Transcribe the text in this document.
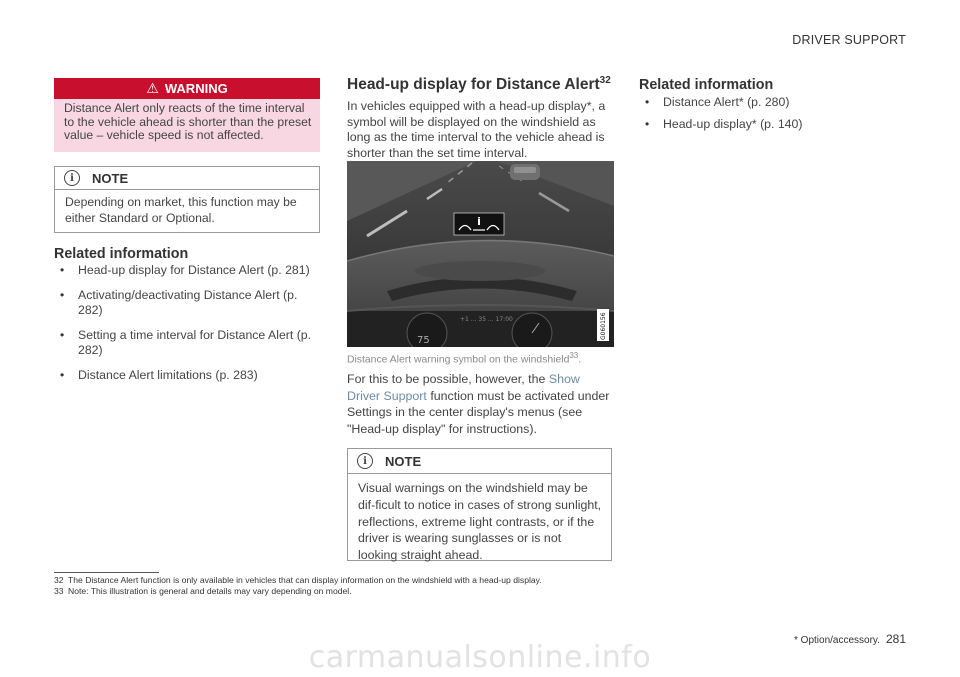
DRIVER SUPPORT
⚠ WARNING
Distance Alert only reacts of the time interval to the vehicle ahead is shorter than the preset value – vehicle speed is not affected.
i	NOTE
Depending on market, this function may be either Standard or Optional.
Related information
• Head-up display for Distance Alert (p. 281)
• Activating/deactivating Distance Alert (p. 282)
• Setting a time interval for Distance Alert (p. 282)
• Distance Alert limitations (p. 283)
Head-up display for Distance Alert$^{32}$
In vehicles equipped with a head-up display*, a symbol will be displayed on the windshield as long as the time interval to the vehicle ahead is shorter than the set time interval.
i
+1 ... 35 ... 17:00
75
G060156
Distance Alert warning symbol on the windshield$^{33}$.
For this to be possible, however, the Show Driver Support function must be activated under Settings in the center display's menus (see "Head-up display" for instructions).
i	NOTE
Visual warnings on the windshield may be dif-ficult to notice in cases of strong sunlight, reflections, extreme light contrasts, or if the driver is wearing sunglasses or is not looking straight ahead.
Related information
• Distance Alert* (p. 280)
• Head-up display* (p. 140)
32 The Distance Alert function is only available in vehicles that can display information on the windshield with a head-up display.
33 Note: This illustration is general and details may vary depending on model.
* Option/accessory. 281
carmanualsonline.info
